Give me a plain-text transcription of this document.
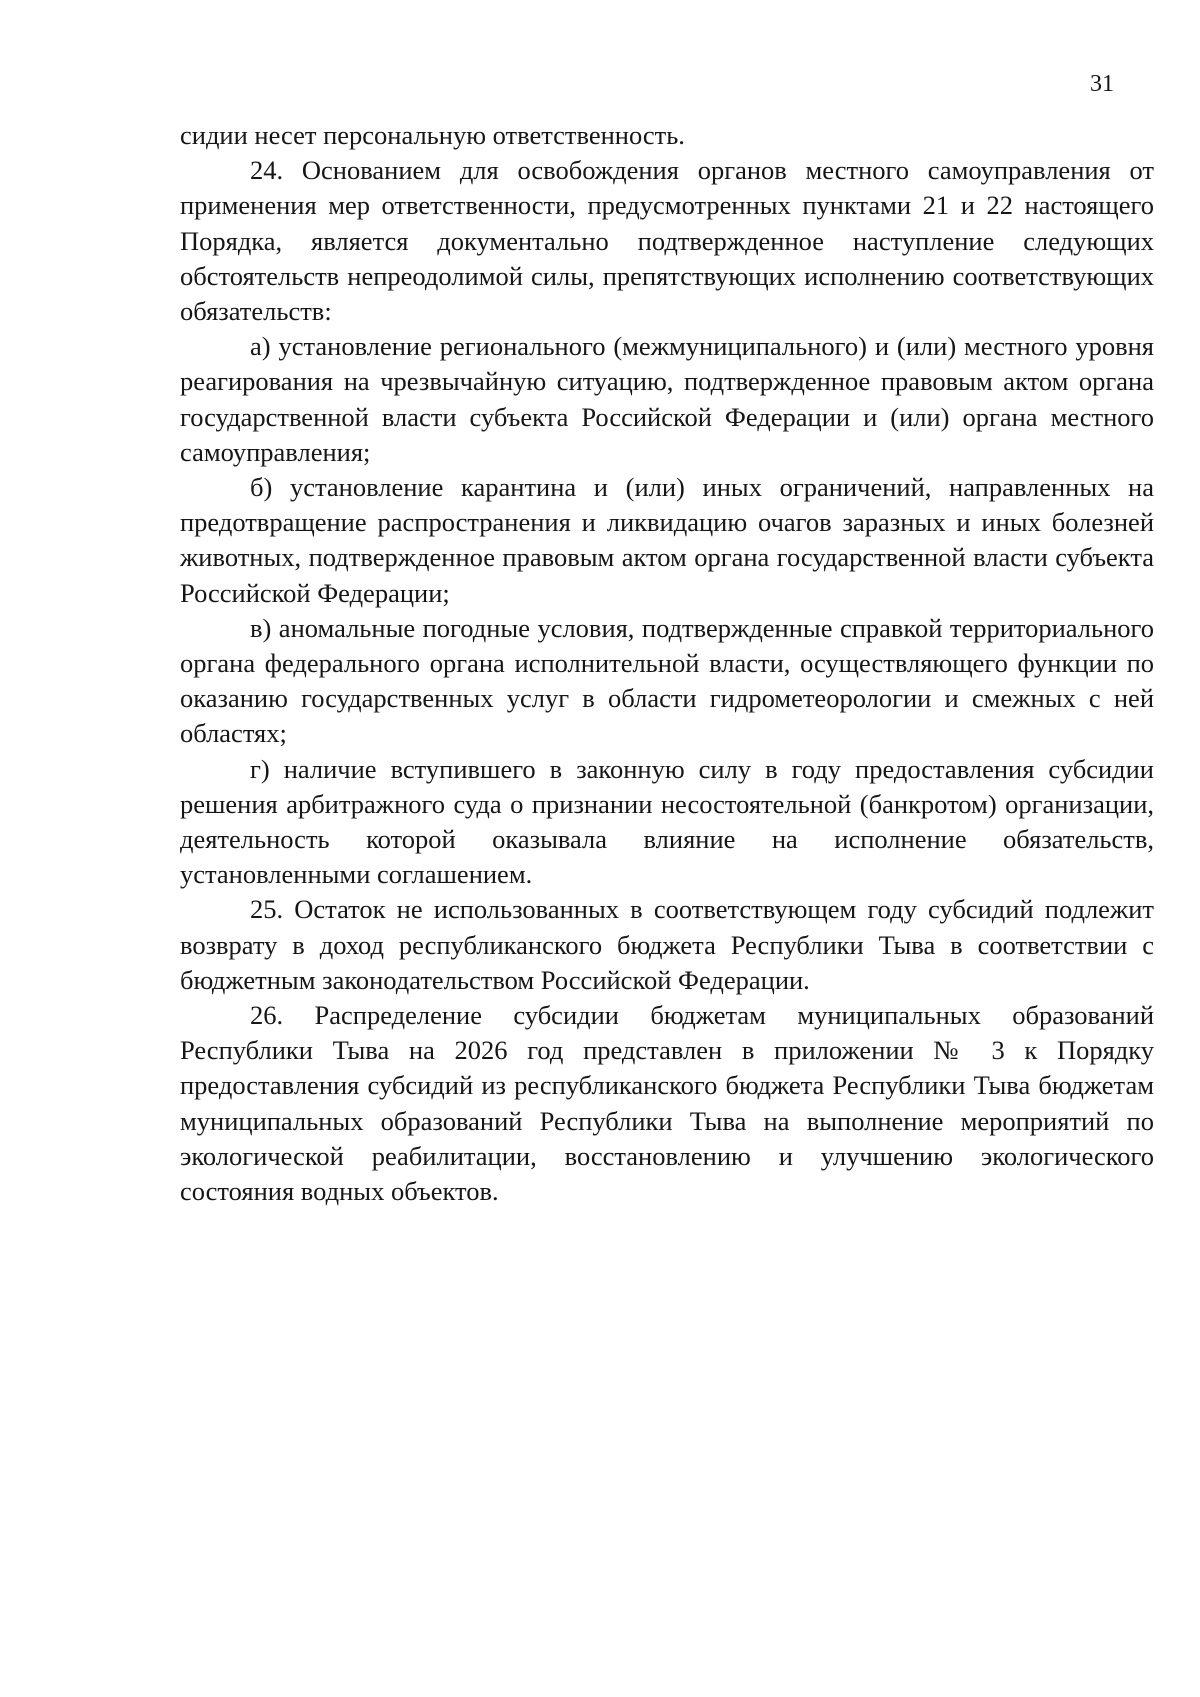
31

сидии несет персональную ответственность.

24. Основанием для освобождения органов местного самоуправления от применения мер ответственности, предусмотренных пунктами 21 и 22 настоящего Порядка, является документально подтвержденное наступление следующих обстоятельств непреодолимой силы, препятствующих исполнению соответствующих обязательств:

а) установление регионального (межмуниципального) и (или) местного уровня реагирования на чрезвычайную ситуацию, подтвержденное правовым актом органа государственной власти субъекта Российской Федерации и (или) органа местного самоуправления;

б) установление карантина и (или) иных ограничений, направленных на предотвращение распространения и ликвидацию очагов заразных и иных болезней животных, подтвержденное правовым актом органа государственной власти субъекта Российской Федерации;

в) аномальные погодные условия, подтвержденные справкой территориального органа федерального органа исполнительной власти, осуществляющего функции по оказанию государственных услуг в области гидрометеорологии и смежных с ней областях;

г) наличие вступившего в законную силу в году предоставления субсидии решения арбитражного суда о признании несостоятельной (банкротом) организации, деятельность которой оказывала влияние на исполнение обязательств, установленными соглашением.

25. Остаток не использованных в соответствующем году субсидий подлежит возврату в доход республиканского бюджета Республики Тыва в соответствии с бюджетным законодательством Российской Федерации.

26. Распределение субсидии бюджетам муниципальных образований Республики Тыва на 2026 год представлен в приложении № 3 к Порядку предоставления субсидий из республиканского бюджета Республики Тыва бюджетам муниципальных образований Республики Тыва на выполнение мероприятий по экологической реабилитации, восстановлению и улучшению экологического состояния водных объектов.
